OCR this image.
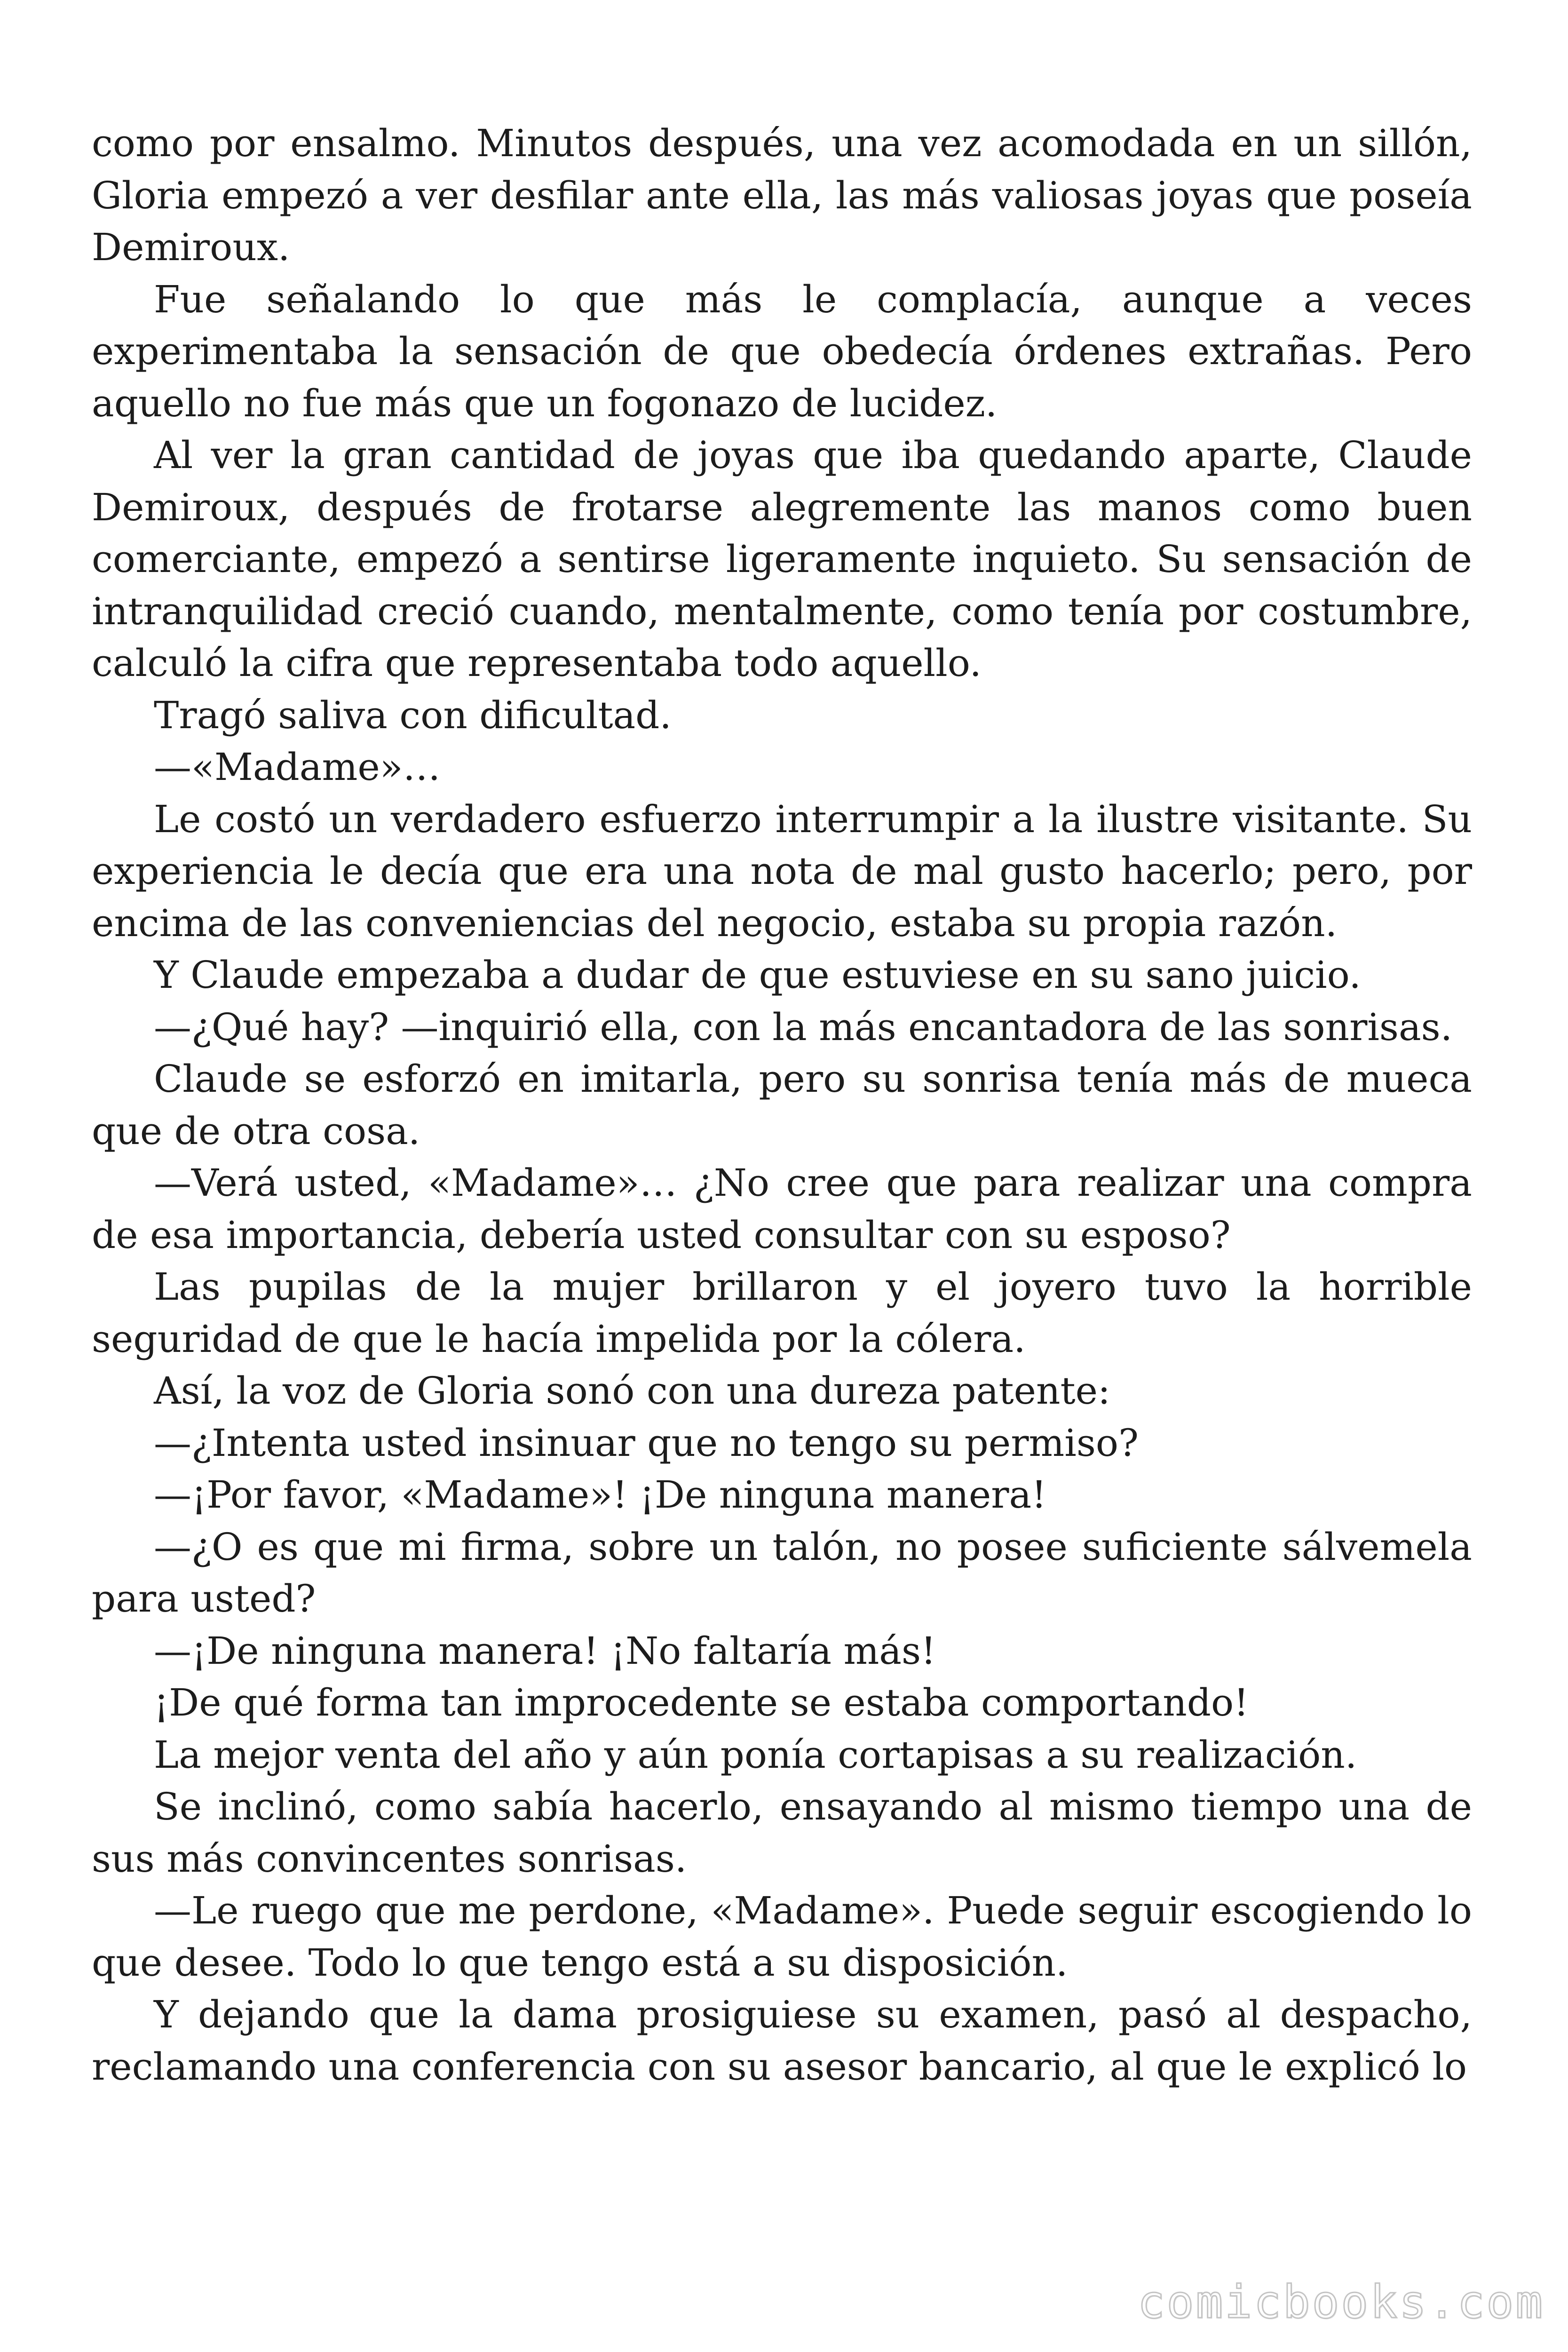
como por ensalmo. Minutos después, una vez acomodada en un sillón, Gloria empezó a ver desfilar ante ella, las más valiosas joyas que poseía Demiroux.

Fue señalando lo que más le complacía, aunque a veces experimentaba la sensación de que obedecía órdenes extrañas. Pero aquello no fue más que un fogonazo de lucidez.

Al ver la gran cantidad de joyas que iba quedando aparte, Claude Demiroux, después de frotarse alegremente las manos como buen comerciante, empezó a sentirse ligeramente inquieto. Su sensación de intranquilidad creció cuando, mentalmente, como tenía por costumbre, calculó la cifra que representaba todo aquello.

Tragó saliva con dificultad.

—«Madame»…

Le costó un verdadero esfuerzo interrumpir a la ilustre visitante. Su experiencia le decía que era una nota de mal gusto hacerlo; pero, por encima de las conveniencias del negocio, estaba su propia razón.

Y Claude empezaba a dudar de que estuviese en su sano juicio.

—¿Qué hay? —inquirió ella, con la más encantadora de las sonrisas.

Claude se esforzó en imitarla, pero su sonrisa tenía más de mueca que de otra cosa.

—Verá usted, «Madame»… ¿No cree que para realizar una compra de esa importancia, debería usted consultar con su esposo?

Las pupilas de la mujer brillaron y el joyero tuvo la horrible seguridad de que le hacía impelida por la cólera.

Así, la voz de Gloria sonó con una dureza patente:

—¿Intenta usted insinuar que no tengo su permiso?

—¡Por favor, «Madame»! ¡De ninguna manera!

—¿O es que mi firma, sobre un talón, no posee suficiente sálvemela para usted?

—¡De ninguna manera! ¡No faltaría más!

¡De qué forma tan improcedente se estaba comportando!

La mejor venta del año y aún ponía cortapisas a su realización.

Se inclinó, como sabía hacerlo, ensayando al mismo tiempo una de sus más convincentes sonrisas.

—Le ruego que me perdone, «Madame». Puede seguir escogiendo lo que desee. Todo lo que tengo está a su disposición.

Y dejando que la dama prosiguiese su examen, pasó al despacho, reclamando una conferencia con su asesor bancario, al que le explicó lo

comicbooks.com
